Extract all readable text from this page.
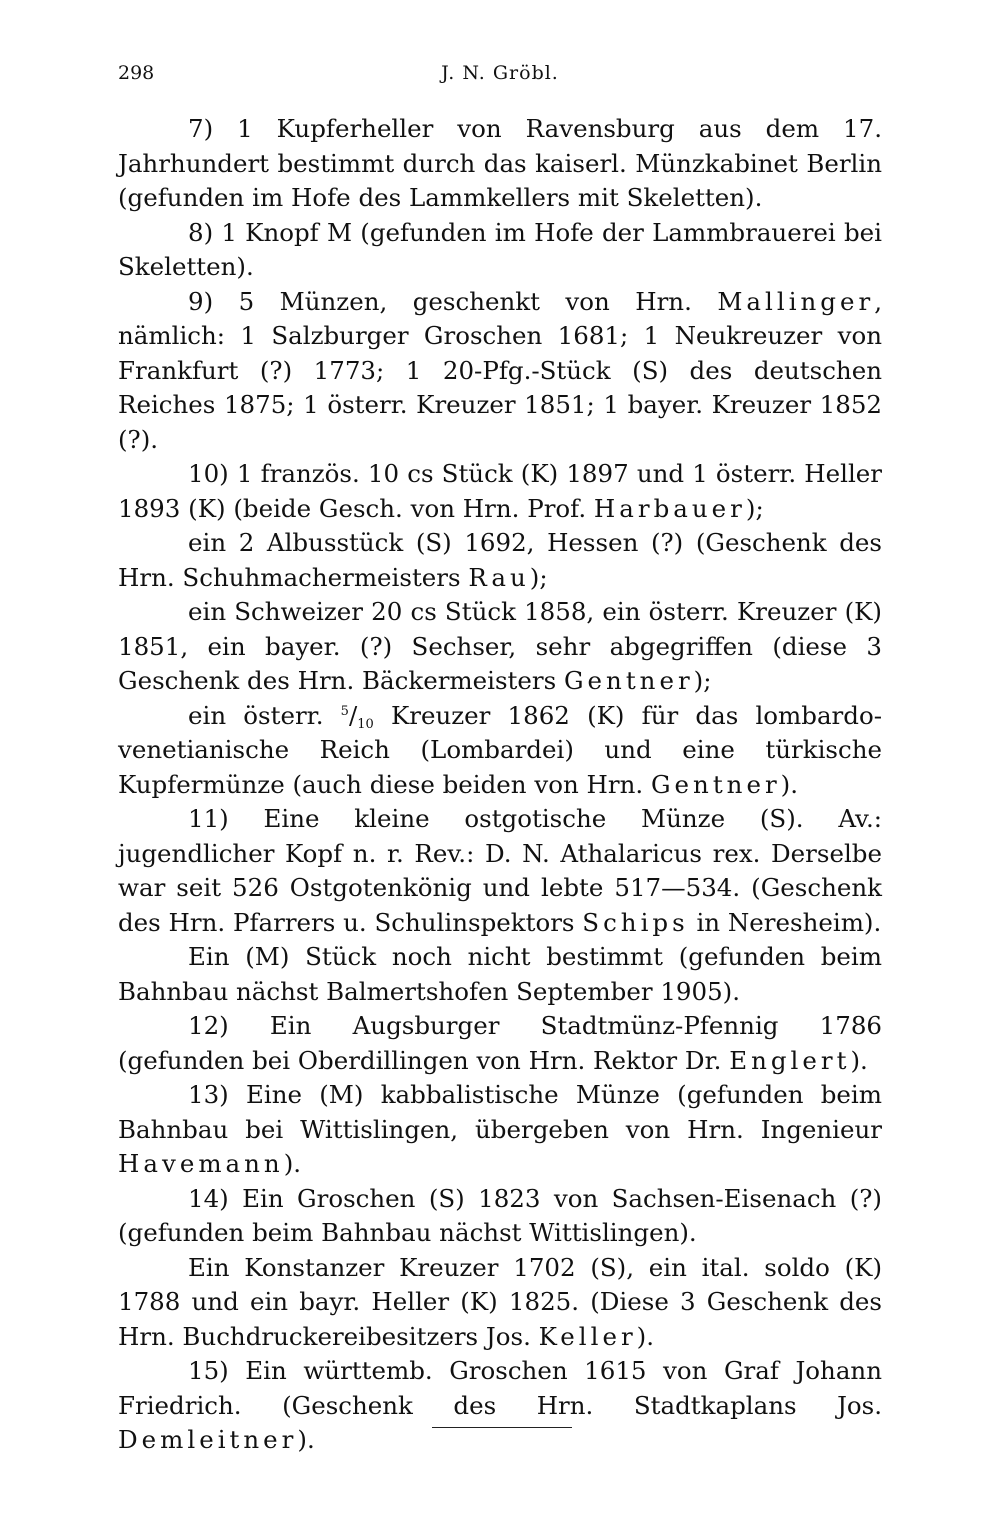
298	J. N. Gröbl.

7) 1 Kupferheller von Ravensburg aus dem 17. Jahrhundert bestimmt durch das kaiserl. Münzkabinet Berlin (gefunden im Hofe des Lammkellers mit Skeletten).

8) 1 Knopf M (gefunden im Hofe der Lammbrauerei bei Skeletten).

9) 5 Münzen, geschenkt von Hrn. Mallinger, nämlich: 1 Salzburger Groschen 1681; 1 Neukreuzer von Frankfurt (?) 1773; 1 20-Pfg.-Stück (S) des deutschen Reiches 1875; 1 österr. Kreuzer 1851; 1 bayer. Kreuzer 1852 (?).

10) 1 französ. 10 cs Stück (K) 1897 und 1 österr. Heller 1893 (K) (beide Gesch. von Hrn. Prof. Harbauer);

ein 2 Albusstück (S) 1692, Hessen (?) (Geschenk des Hrn. Schuhmachermeisters Rau);

ein Schweizer 20 cs Stück 1858, ein österr. Kreuzer (K) 1851, ein bayer. (?) Sechser, sehr abgegriffen (diese 3 Geschenk des Hrn. Bäckermeisters Gentner);

ein österr. $^5/_{10}$ Kreuzer 1862 (K) für das lombardo-venetianische Reich (Lombardei) und eine türkische Kupfermünze (auch diese beiden von Hrn. Gentner).

11) Eine kleine ostgotische Münze (S). Av.: jugendlicher Kopf n. r. Rev.: D. N. Athalaricus rex. Derselbe war seit 526 Ostgotenkönig und lebte 517—534. (Geschenk des Hrn. Pfarrers u. Schulinspektors Schips in Neresheim).

Ein (M) Stück noch nicht bestimmt (gefunden beim Bahnbau nächst Balmertshofen September 1905).

12) Ein Augsburger Stadtmünz-Pfennig 1786 (gefunden bei Oberdillingen von Hrn. Rektor Dr. Englert).

13) Eine (M) kabbalistische Münze (gefunden beim Bahnbau bei Wittislingen, übergeben von Hrn. Ingenieur Havemann).

14) Ein Groschen (S) 1823 von Sachsen-Eisenach (?) (gefunden beim Bahnbau nächst Wittislingen).

Ein Konstanzer Kreuzer 1702 (S), ein ital. soldo (K) 1788 und ein bayr. Heller (K) 1825. (Diese 3 Geschenk des Hrn. Buchdruckereibesitzers Jos. Keller).

15) Ein württemb. Groschen 1615 von Graf Johann Friedrich. (Geschenk des Hrn. Stadtkaplans Jos. Demleitner).
